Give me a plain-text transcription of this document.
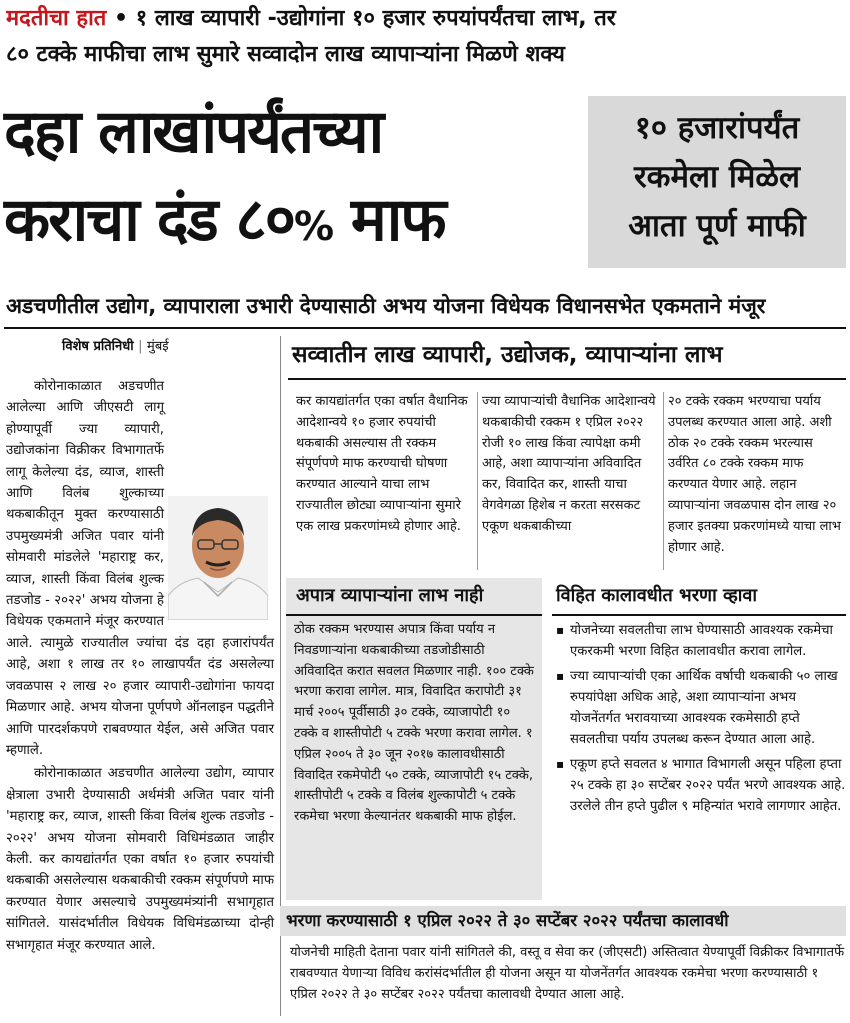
मदतीचा हात • १ लाख व्यापारी -उद्योगांना १० हजार रुपयांपर्यंतचा लाभ, तर
८० टक्के माफीचा लाभ सुमारे सव्वादोन लाख व्यापाऱ्यांना मिळणे शक्य
दहा लाखांपर्यंतच्या
कराचा दंड ८०% माफ
१० हजारांपर्यंत
रकमेला मिळेल
आता पूर्ण माफी
अडचणीतील उद्योग, व्यापाराला उभारी देण्यासाठी अभय योजना विधेयक विधानसभेत एकमताने मंजूर
विशेष प्रतिनिधी | मुंबई

कोरोनाकाळात अडचणीत आलेल्या आणि जीएसटी लागू होण्यापूर्वी ज्या व्यापारी, उद्योजकांना विक्रीकर विभागातर्फे लागू केलेल्या दंड, व्याज, शास्ती आणि विलंब शुल्काच्या थकबाकीतून मुक्त करण्यासाठी उपमुख्यमंत्री अजित पवार यांनी सोमवारी मांडलेले 'महाराष्ट्र कर, व्याज, शास्ती किंवा विलंब शुल्क तडजोड - २०२२' अभय योजना हे विधेयक एकमताने मंजूर करण्यात आले. त्यामुळे राज्यातील ज्यांचा दंड दहा हजारांपर्यंत आहे, अशा १ लाख तर १० लाखापर्यंत दंड असलेल्या जवळपास २ लाख २० हजार व्यापारी-उद्योगांना फायदा मिळणार आहे. अभय योजना पूर्णपणे ऑनलाइन पद्धतीने आणि पारदर्शकपणे राबवण्यात येईल, असे अजित पवार म्हणाले.

कोरोनाकाळात अडचणीत आलेल्या उद्योग, व्यापार क्षेत्राला उभारी देण्यासाठी अर्थमंत्री अजित पवार यांनी 'महाराष्ट्र कर, व्याज, शास्ती किंवा विलंब शुल्क तडजोड - २०२२' अभय योजना सोमवारी विधिमंडळात जाहीर केली. कर कायद्यांतर्गत एका वर्षात १० हजार रुपयांची थकबाकी असलेल्यास थकबाकीची रक्कम संपूर्णपणे माफ करण्यात येणार असल्याचे उपमुख्यमंत्र्यांनी सभागृहात सांगितले. यासंदर्भातील विधेयक विधिमंडळाच्या दोन्ही सभागृहात मंजूर करण्यात आले.

सव्वातीन लाख व्यापारी, उद्योजक, व्यापाऱ्यांना लाभ
कर कायद्यांतर्गत एका वर्षात वैधानिक आदेशान्वये १० हजार रुपयांची थकबाकी असल्यास ती रक्कम संपूर्णपणे माफ करण्याची घोषणा करण्यात आल्याने याचा लाभ राज्यातील छोट्या व्यापाऱ्यांना सुमारे एक लाख प्रकरणांमध्ये होणार आहे.
ज्या व्यापाऱ्यांची वैधानिक आदेशान्वये थकबाकीची रक्कम १ एप्रिल २०२२ रोजी १० लाख किंवा त्यापेक्षा कमी आहे, अशा व्यापाऱ्यांना अविवादित कर, विवादित कर, शास्ती याचा वेगवेगळा हिशेब न करता सरसकट एकूण थकबाकीच्या
२० टक्के रक्कम भरण्याचा पर्याय उपलब्ध करण्यात आला आहे. अशी ठोक २० टक्के रक्कम भरल्यास उर्वरित ८० टक्के रक्कम माफ करण्यात येणार आहे. लहान व्यापाऱ्यांना जवळपास दोन लाख २० हजार इतक्या प्रकरणांमध्ये याचा लाभ होणार आहे.
अपात्र व्यापाऱ्यांना लाभ नाही
ठोक रक्कम भरण्यास अपात्र किंवा पर्याय न निवडणाऱ्यांना थकबाकीच्या तडजोडीसाठी अविवादित करात सवलत मिळणार नाही. १०० टक्के भरणा करावा लागेल. मात्र, विवादित करापोटी ३१ मार्च २००५ पूर्वीसाठी ३० टक्के, व्याजापोटी १० टक्के व शास्तीपोटी ५ टक्के भरणा करावा लागेल. १ एप्रिल २००५ ते ३० जून २०१७ कालावधीसाठी विवादित रकमेपोटी ५० टक्के, व्याजापोटी १५ टक्के, शास्तीपोटी ५ टक्के व विलंब शुल्कापोटी ५ टक्के रकमेचा भरणा केल्यानंतर थकबाकी माफ होईल.
विहित कालावधीत भरणा व्हावा
▪ योजनेच्या सवलतीचा लाभ घेण्यासाठी आवश्यक रकमेचा एकरकमी भरणा विहित कालावधीत करावा लागेल.
▪ ज्या व्यापाऱ्यांची एका आर्थिक वर्षाची थकबाकी ५० लाख रुपयांपेक्षा अधिक आहे, अशा व्यापाऱ्यांना अभय योजनेंतर्गत भरावयाच्या आवश्यक रकमेसाठी हप्ते सवलतीचा पर्याय उपलब्ध करून देण्यात आला आहे.
▪ एकूण हप्ते सवलत ४ भागात विभागली असून पहिला हप्ता २५ टक्के हा ३० सप्टेंबर २०२२ पर्यंत भरणे आवश्यक आहे. उरलेले तीन हप्ते पुढील ९ महिन्यांत भरावे लागणार आहेत.
भरणा करण्यासाठी १ एप्रिल २०२२ ते ३० सप्टेंबर २०२२ पर्यंतचा कालावधी
योजनेची माहिती देताना पवार यांनी सांगितले की, वस्तू व सेवा कर (जीएसटी) अस्तित्वात येण्यापूर्वी विक्रीकर विभागातर्फे राबवण्यात येणाऱ्या विविध करांसंदर्भातील ही योजना असून या योजनेंतर्गत आवश्यक रकमेचा भरणा करण्यासाठी १ एप्रिल २०२२ ते ३० सप्टेंबर २०२२ पर्यंतचा कालावधी देण्यात आला आहे.
